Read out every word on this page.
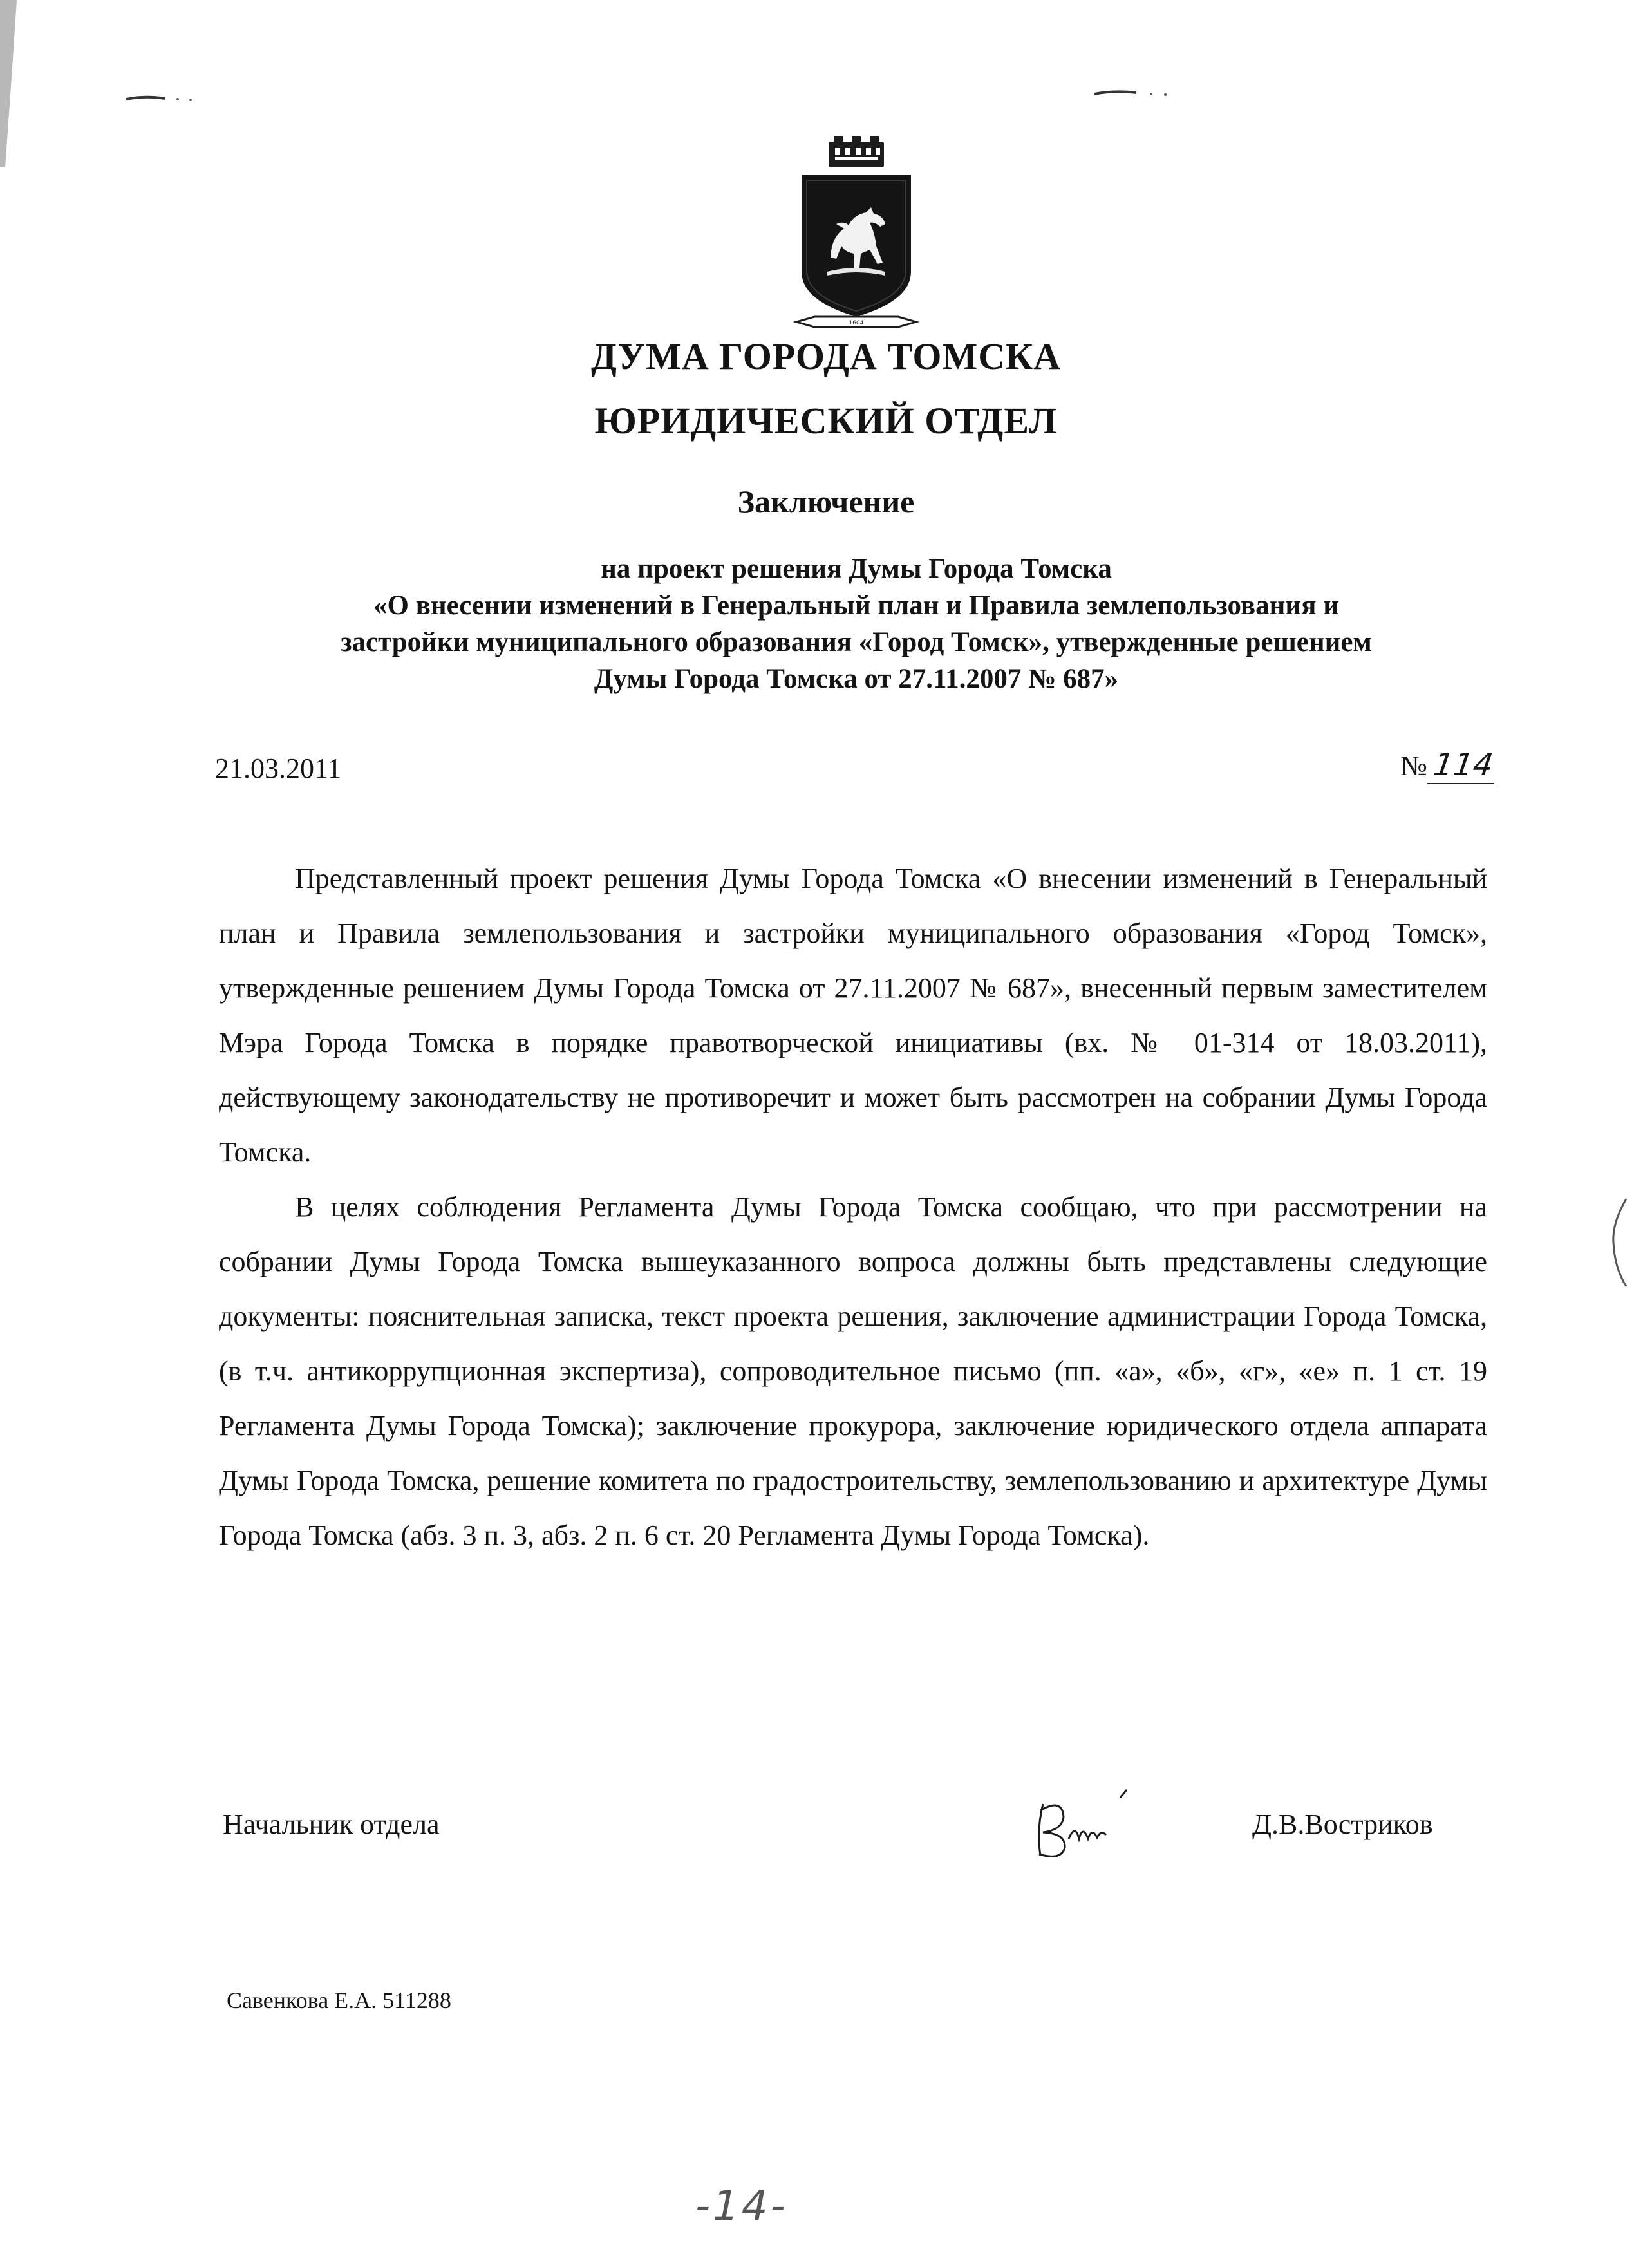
1604
ДУМА ГОРОДА ТОМСКА
ЮРИДИЧЕСКИЙ ОТДЕЛ
Заключение
на проект решения Думы Города Томска
«О внесении изменений в Генеральный план и Правила землепользования и
застройки муниципального образования «Город Томск», утвержденные решением
Думы Города Томска от 27.11.2007 № 687»
21.03.2011	№ 114

Представленный проект решения Думы Города Томска «О внесении изменений в Генеральный план и Правила землепользования и застройки муниципального образования «Город Томск», утвержденные решением Думы Города Томска от 27.11.2007 № 687», внесенный первым заместителем Мэра Города Томска в порядке правотворческой инициативы (вх. № 01-314 от 18.03.2011), действующему законодательству не противоречит и может быть рассмотрен на собрании Думы Города Томска.

В целях соблюдения Регламента Думы Города Томска сообщаю, что при рассмотрении на собрании Думы Города Томска вышеуказанного вопроса должны быть представлены следующие документы: пояснительная записка, текст проекта решения, заключение администрации Города Томска, (в т.ч. антикоррупционная экспертиза), сопроводительное письмо (пп. «а», «б», «г», «е» п. 1 ст. 19 Регламента Думы Города Томска); заключение прокурора, заключение юридического отдела аппарата Думы Города Томска, решение комитета по градостроительству, землепользованию и архитектуре Думы Города Томска (абз. 3 п. 3, абз. 2 п. 6 ст. 20 Регламента Думы Города Томска).

Начальник отдела	Д.В.Востриков
Савенкова Е.А. 511288
-14-
